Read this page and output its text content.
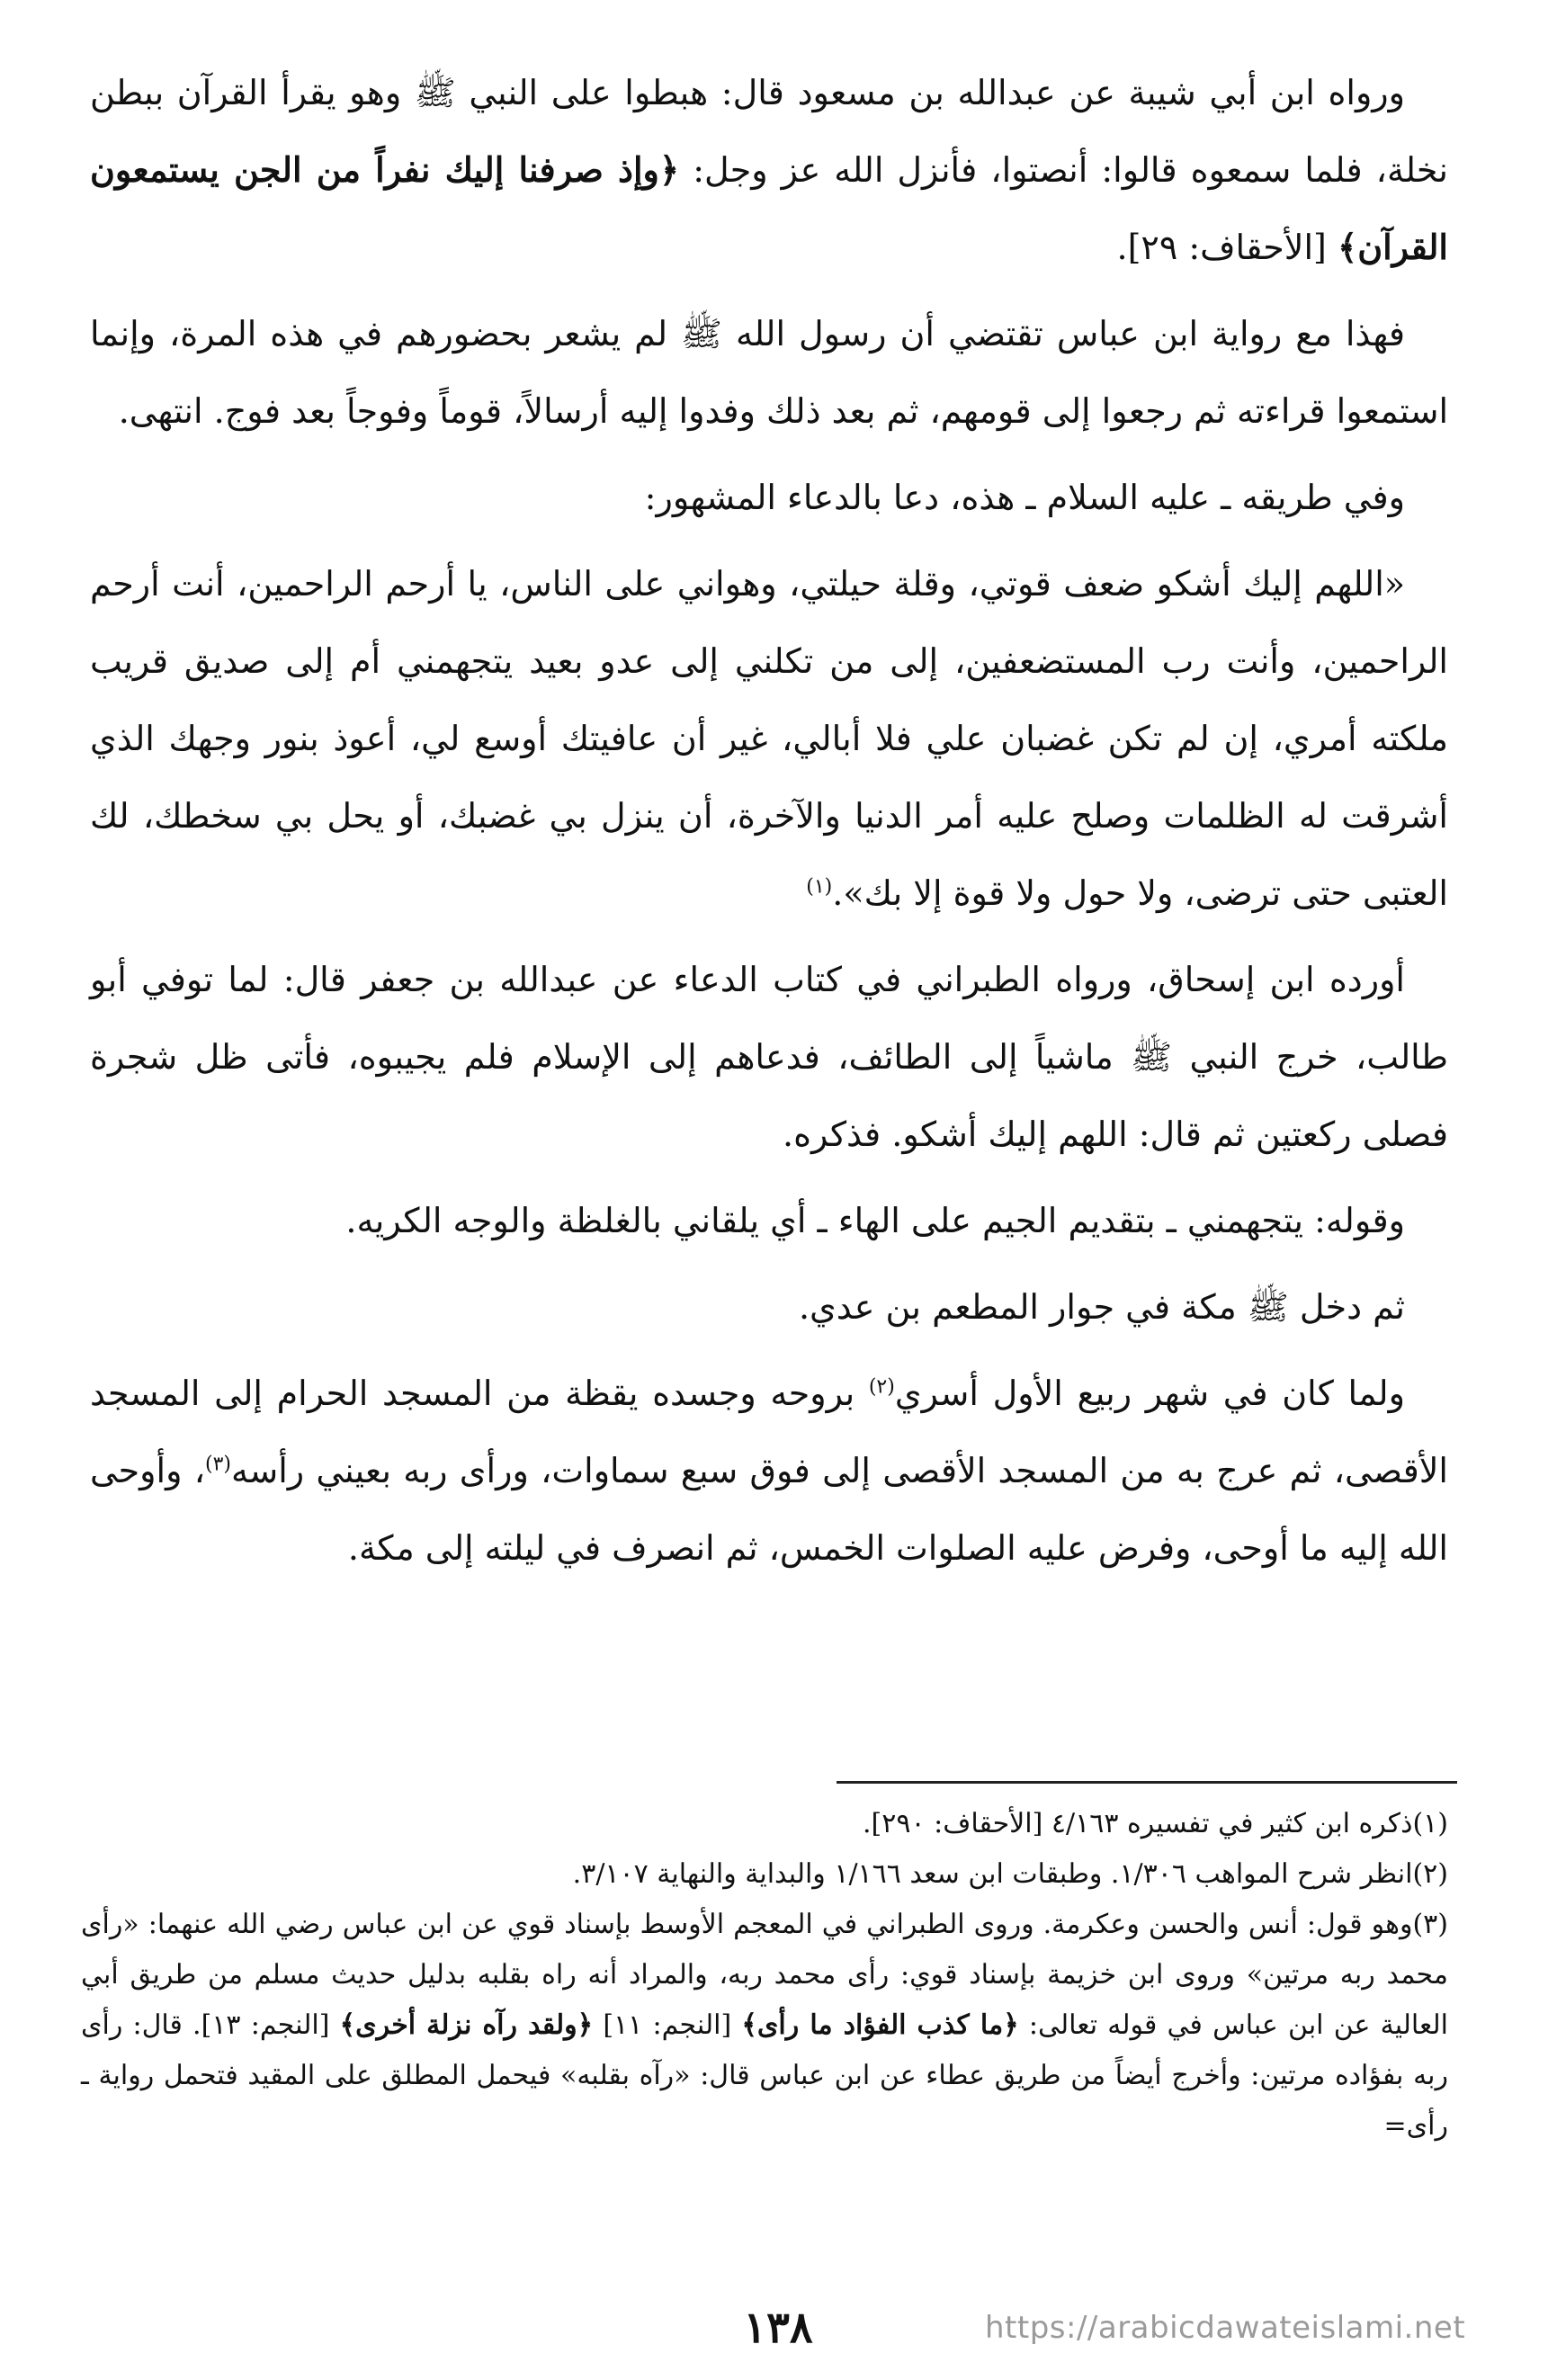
ورواه ابن أبي شيبة عن عبدالله بن مسعود قال: هبطوا على النبي ﷺ وهو يقرأ القرآن ببطن نخلة، فلما سمعوه قالوا: أنصتوا، فأنزل الله عز وجل: ﴿وإذ صرفنا إليك نفراً من الجن يستمعون القرآن﴾ [الأحقاف: ٢٩].

فهذا مع رواية ابن عباس تقتضي أن رسول الله ﷺ لم يشعر بحضورهم في هذه المرة، وإنما استمعوا قراءته ثم رجعوا إلى قومهم، ثم بعد ذلك وفدوا إليه أرسالاً، قوماً وفوجاً بعد فوج. انتهى.

وفي طريقه ـ عليه السلام ـ هذه، دعا بالدعاء المشهور:

«اللهم إليك أشكو ضعف قوتي، وقلة حيلتي، وهواني على الناس، يا أرحم الراحمين، أنت أرحم الراحمين، وأنت رب المستضعفين، إلى من تكلني إلى عدو بعيد يتجهمني أم إلى صديق قريب ملكته أمري، إن لم تكن غضبان علي فلا أبالي، غير أن عافيتك أوسع لي، أعوذ بنور وجهك الذي أشرقت له الظلمات وصلح عليه أمر الدنيا والآخرة، أن ينزل بي غضبك، أو يحل بي سخطك، لك العتبى حتى ترضى، ولا حول ولا قوة إلا بك».$^{(١)}$

أورده ابن إسحاق، ورواه الطبراني في كتاب الدعاء عن عبدالله بن جعفر قال: لما توفي أبو طالب، خرج النبي ﷺ ماشياً إلى الطائف، فدعاهم إلى الإسلام فلم يجيبوه، فأتى ظل شجرة فصلى ركعتين ثم قال: اللهم إليك أشكو. فذكره.

وقوله: يتجهمني ـ بتقديم الجيم على الهاء ـ أي يلقاني بالغلظة والوجه الكريه.

ثم دخل ﷺ مكة في جوار المطعم بن عدي.

ولما كان في شهر ربيع الأول أسري$^{(٢)}$ بروحه وجسده يقظة من المسجد الحرام إلى المسجد الأقصى، ثم عرج به من المسجد الأقصى إلى فوق سبع سماوات، ورأى ربه بعيني رأسه$^{(٣)}$، وأوحى الله إليه ما أوحى، وفرض عليه الصلوات الخمس، ثم انصرف في ليلته إلى مكة.

(١)ذكره ابن كثير في تفسيره ٤/١٦٣ [الأحقاف: ٢٩٠].

(٢)انظر شرح المواهب ١/٣٠٦. وطبقات ابن سعد ١/١٦٦ والبداية والنهاية ٣/١٠٧.

(٣)وهو قول: أنس والحسن وعكرمة. وروى الطبراني في المعجم الأوسط بإسناد قوي عن ابن عباس رضي الله عنهما: «رأى محمد ربه مرتين» وروى ابن خزيمة بإسناد قوي: رأى محمد ربه، والمراد أنه راه بقلبه بدليل حديث مسلم من طريق أبي العالية عن ابن عباس في قوله تعالى: ﴿ما كذب الفؤاد ما رأى﴾ [النجم: ١١] ﴿ولقد رآه نزلة أخرى﴾ [النجم: ١٣]. قال: رأى ربه بفؤاده مرتين: وأخرج أيضاً من طريق عطاء عن ابن عباس قال: «رآه بقلبه» فيحمل المطلق على المقيد فتحمل رواية ـ رأى=

١٣٨	https://arabicdawateislami.net
